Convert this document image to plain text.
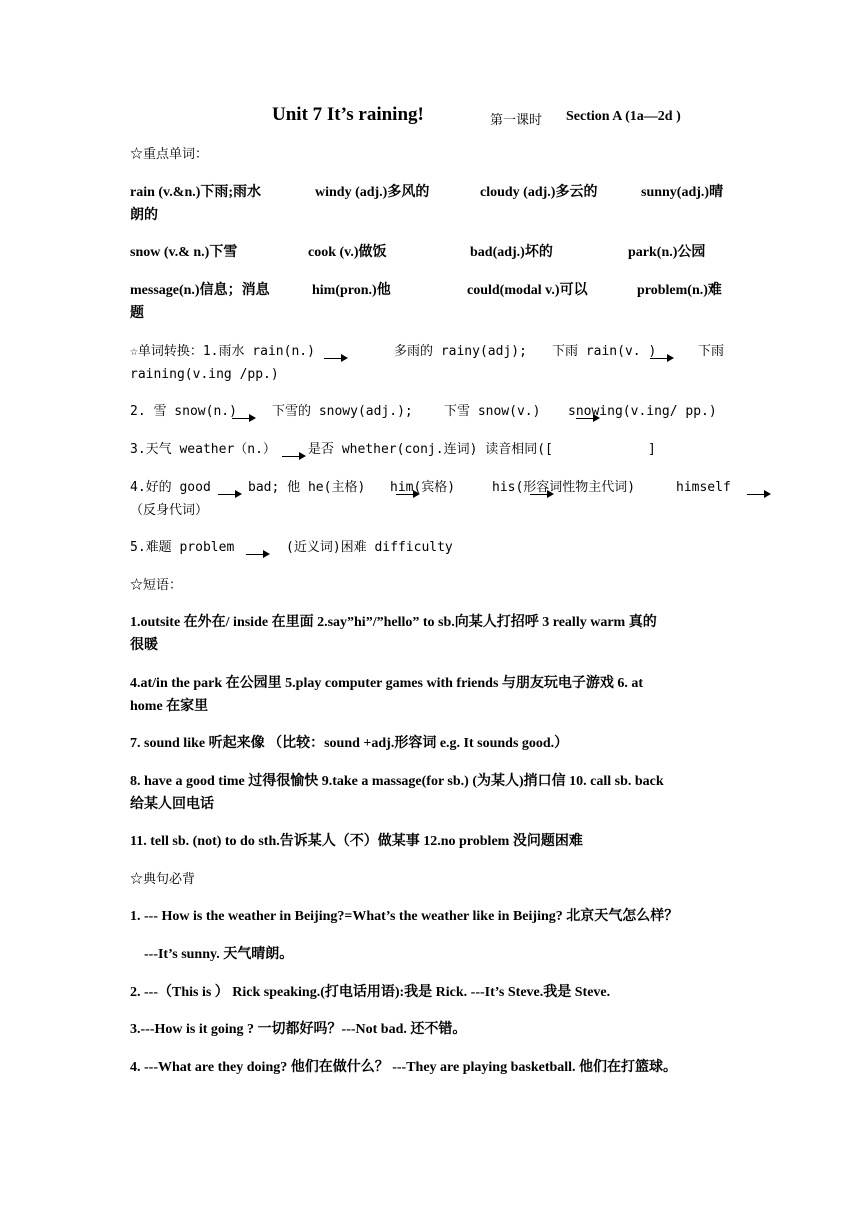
Unit 7 It’s raining!	第一课时 Section A (1a—2d )
☆重点单词：
rain (v.&n.)下雨;雨水	windy (adj.)多风的	cloudy (adj.)多云的	sunny(adj.)晴
朗的
snow (v.& n.)下雪	cook (v.)做饭	bad(adj.)坏的	park(n.)公园
message(n.)信息；消息	him(pron.)他	could(modal v.)可以	problem(n.)难
题
☆单词转换：1.雨水 rain(n.)
	多雨的 rainy(adj); 下雨 rain(v. )	下雨
raining(v.ing /pp.)
2. 雪 snow(n.)
	下雪的 snowy(adj.); 下雪 snow(v.) snowing(v.ing/ pp.)
3.天气 weather（n.） 是否 whether(conj.连词) 读音相同([	]
4.好的 good
	bad; 他 he(主格)
him(宾格)
	his(形容词性物主代词)	himself
（反身代词）
5.难题 problem	(近义词)困难 difficulty
☆短语：
1.outsite 在外在/ inside 在里面 2.say”hi”/”hello” to sb.向某人打招呼 3 really warm 真的
很暖
4.at/in the park 在公园里 5.play computer games with friends 与朋友玩电子游戏 6. at
home 在家里
7. sound like 听起来像 （比较：sound +adj.形容词 e.g. It sounds good.）
8. have a good time 过得很愉快 9.take a massage(for sb.) (为某人)捎口信 10. call sb. back
给某人回电话
11. tell sb. (not) to do sth.告诉某人（不）做某事 12.no problem 没问题困难
☆典句必背
1. --- How is the weather in Beijing?=What’s the weather like in Beijing? 北京天气怎么样？
---It’s sunny. 天气晴朗。
2. ---（This is ） Rick speaking.(打电话用语):我是 Rick. ---It’s Steve.我是 Steve.
3.---How is it going ? 一切都好吗？---Not bad. 还不错。
4. ---What are they doing? 他们在做什么？ ---They are playing basketball. 他们在打篮球。
